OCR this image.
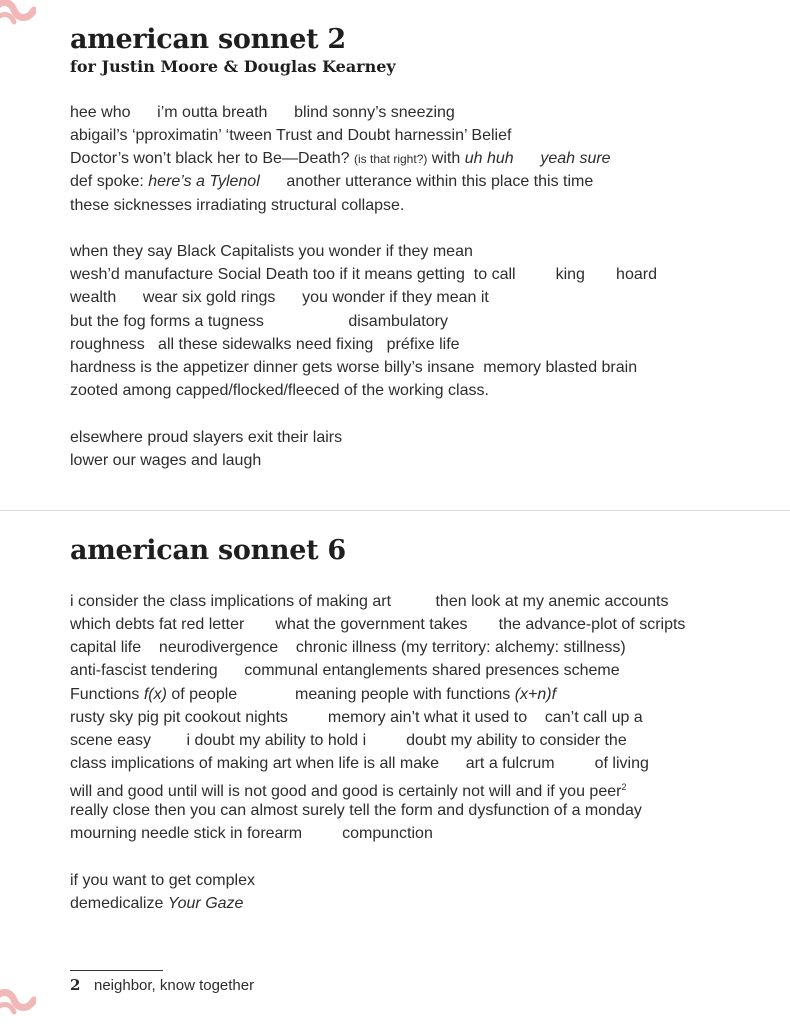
american sonnet 2
for Justin Moore & Douglas Kearney
hee who      i’m outta breath      blind sonny’s sneezing
abigail’s ‘pproximatin’ ‘tween Trust and Doubt harnessin’ Belief
Doctor’s won’t black her to Be—Death? (is that right?) with uh huh      yeah sure
def spoke: here’s a Tylenol      another utterance within this place this time
these sicknesses irradiating structural collapse.
when they say Black Capitalists you wonder if they mean
wesh’d manufacture Social Death too if it means getting  to call         king       hoard
wealth      wear six gold rings      you wonder if they mean it
but the fog forms a tugness                   disambulatory
roughness   all these sidewalks need fixing   préfixe life
hardness is the appetizer dinner gets worse billy’s insane  memory blasted brain
zooted among capped/flocked/fleeced of the working class.
elsewhere proud slayers exit their lairs
lower our wages and laugh
american sonnet 6
i consider the class implications of making art          then look at my anemic accounts
which debts fat red letter       what the government takes       the advance-plot of scripts
capital life    neurodivergence    chronic illness (my territory: alchemy: stillness)
anti-fascist tendering      communal entanglements shared presences scheme
Functions f(x) of people             meaning people with functions (x+n)f
rusty sky pig pit cookout nights         memory ain’t what it used to    can’t call up a
scene easy        i doubt my ability to hold i         doubt my ability to consider the
class implications of making art when life is all make      art a fulcrum         of living
will and good until will is not good and good is certainly not will and if you peer$^2$
really close then you can almost surely tell the form and dysfunction of a monday
mourning needle stick in forearm         compunction
if you want to get complex
demedicalize Your Gaze
2 neighbor, know together
